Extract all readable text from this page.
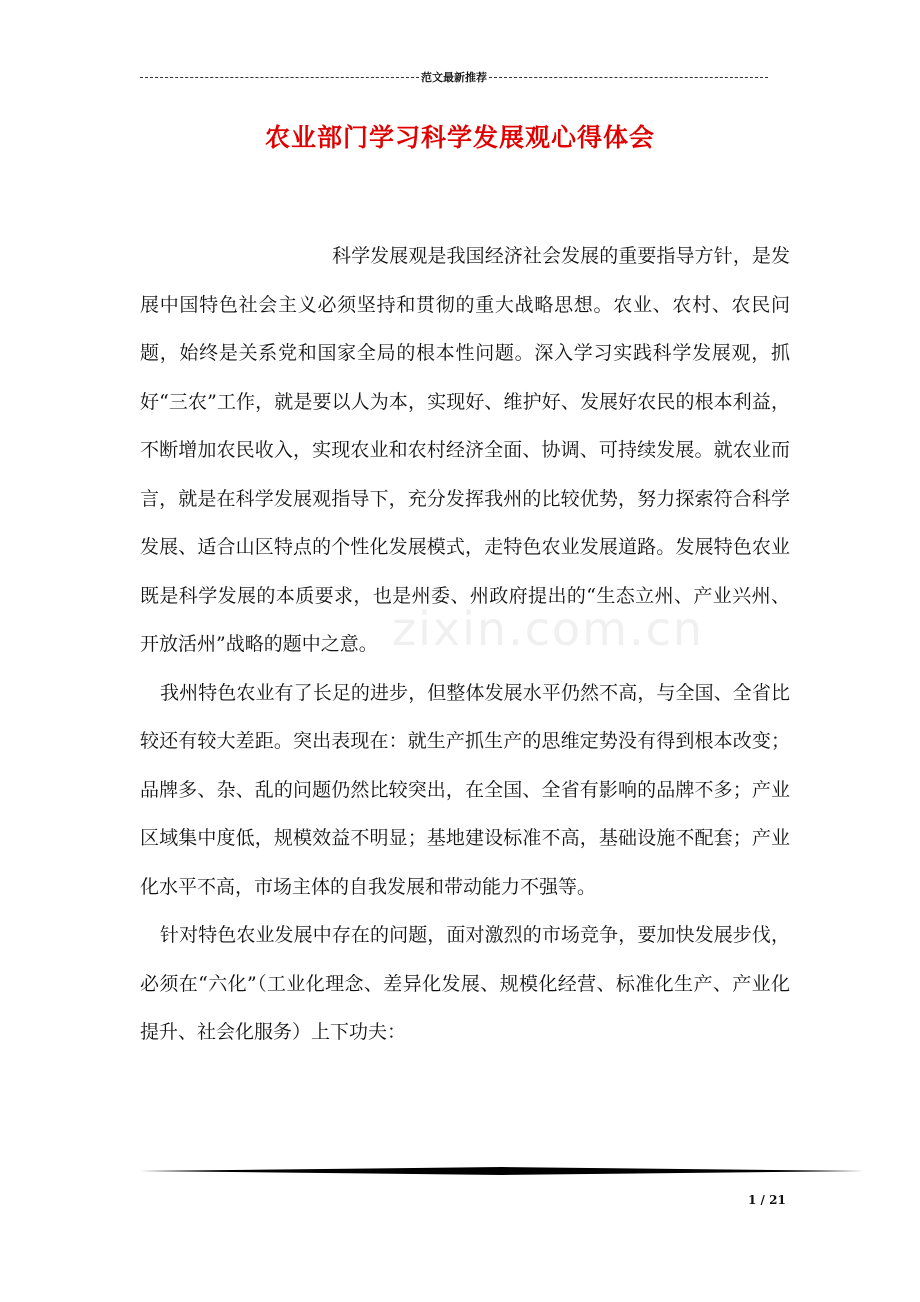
范文最新推荐
农业部门学习科学发展观心得体会

科学发展观是我国经济社会发展的重要指导方针，是发展中国特色社会主义必须坚持和贯彻的重大战略思想。农业、农村、农民问题，始终是关系党和国家全局的根本性问题。深入学习实践科学发展观，抓好“三农”工作，就是要以人为本，实现好、维护好、发展好农民的根本利益，不断增加农民收入，实现农业和农村经济全面、协调、可持续发展。就农业而言，就是在科学发展观指导下，充分发挥我州的比较优势，努力探索符合科学发展、适合山区特点的个性化发展模式，走特色农业发展道路。发展特色农业既是科学发展的本质要求，也是州委、州政府提出的“生态立州、产业兴州、开放活州”战略的题中之意。

我州特色农业有了长足的进步，但整体发展水平仍然不高，与全国、全省比较还有较大差距。突出表现在：就生产抓生产的思维定势没有得到根本改变；品牌多、杂、乱的问题仍然比较突出，在全国、全省有影响的品牌不多；产业区域集中度低，规模效益不明显；基地建设标准不高，基础设施不配套；产业化水平不高，市场主体的自我发展和带动能力不强等。

针对特色农业发展中存在的问题，面对激烈的市场竞争，要加快发展步伐，必须在“六化”（工业化理念、差异化发展、规模化经营、标准化生产、产业化提升、社会化服务）上下功夫：

zixin.com.cn
1 / 21
